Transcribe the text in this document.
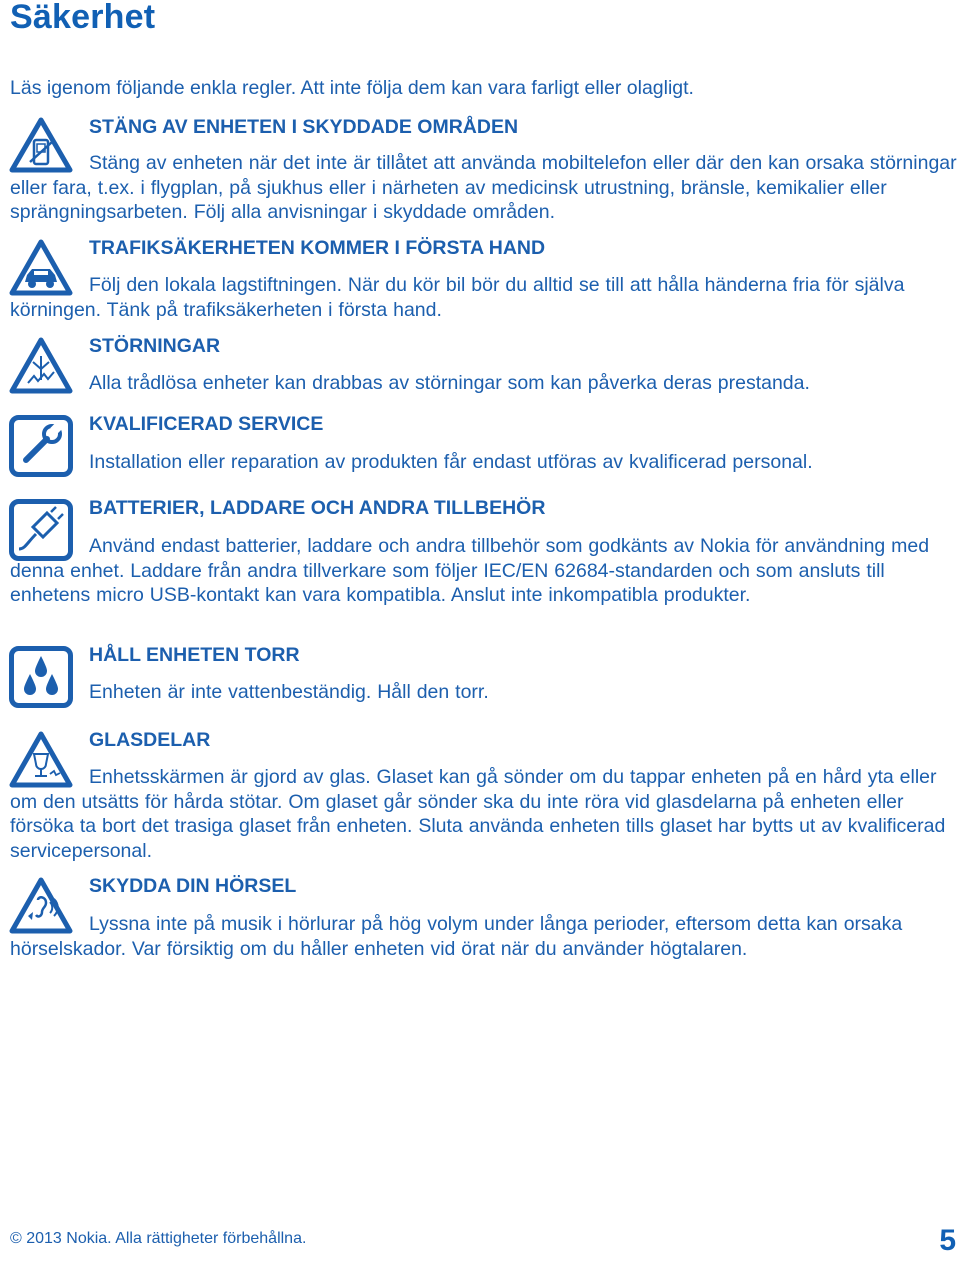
Säkerhet

Läs igenom följande enkla regler. Att inte följa dem kan vara farligt eller olagligt.

STÄNG AV ENHETEN I SKYDDADE OMRÅDEN

Stäng av enheten när det inte är tillåtet att använda mobiltelefon eller där den kan orsaka störningar eller fara, t.ex. i flygplan, på sjukhus eller i närheten av medicinsk utrustning, bränsle, kemikalier eller sprängningsarbeten. Följ alla anvisningar i skyddade områden.

TRAFIKSÄKERHETEN KOMMER I FÖRSTA HAND

Följ den lokala lagstiftningen. När du kör bil bör du alltid se till att hålla händerna fria för själva körningen. Tänk på trafiksäkerheten i första hand.

STÖRNINGAR

Alla trådlösa enheter kan drabbas av störningar som kan påverka deras prestanda.

KVALIFICERAD SERVICE

Installation eller reparation av produkten får endast utföras av kvalificerad personal.

BATTERIER, LADDARE OCH ANDRA TILLBEHÖR

Använd endast batterier, laddare och andra tillbehör som godkänts av Nokia för användning med denna enhet. Laddare från andra tillverkare som följer IEC/EN 62684-standarden och som ansluts till enhetens micro USB-kontakt kan vara kompatibla. Anslut inte inkompatibla produkter.

HÅLL ENHETEN TORR

Enheten är inte vattenbeständig. Håll den torr.

GLASDELAR

Enhetsskärmen är gjord av glas. Glaset kan gå sönder om du tappar enheten på en hård yta eller om den utsätts för hårda stötar. Om glaset går sönder ska du inte röra vid glasdelarna på enheten eller försöka ta bort det trasiga glaset från enheten. Sluta använda enheten tills glaset har bytts ut av kvalificerad servicepersonal.

SKYDDA DIN HÖRSEL

Lyssna inte på musik i hörlurar på hög volym under långa perioder, eftersom detta kan orsaka hörselskador. Var försiktig om du håller enheten vid örat när du använder högtalaren.

© 2013 Nokia. Alla rättigheter förbehållna.	5
